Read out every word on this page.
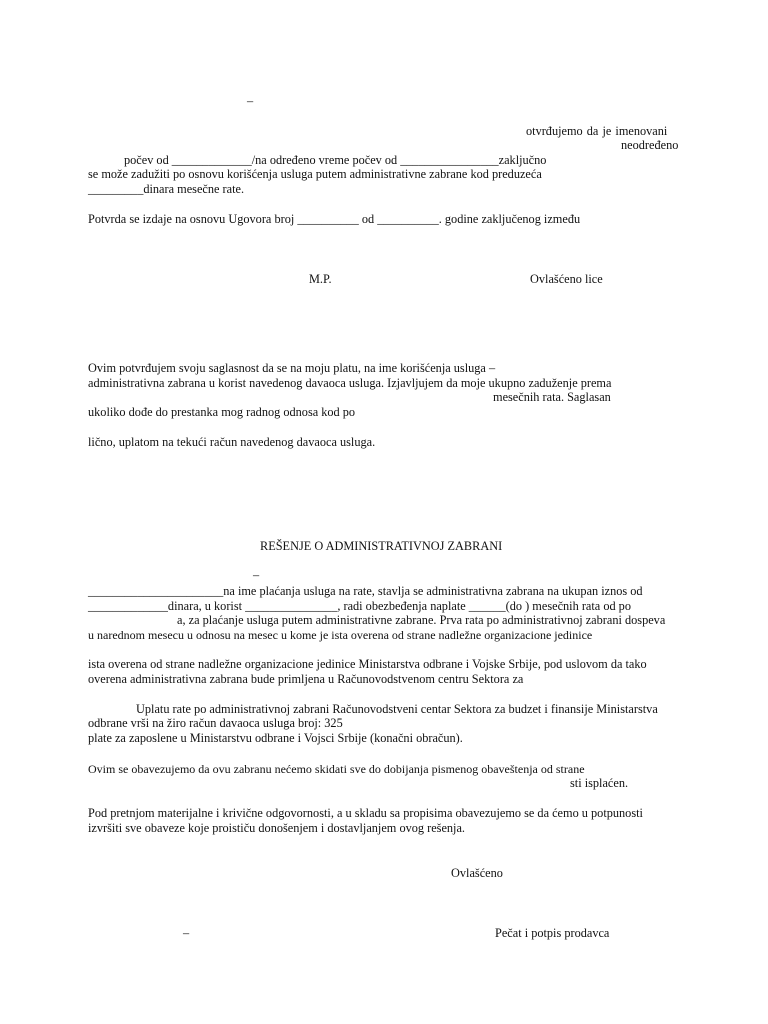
–

otvrđujemo da je imenovani

neodređeno

počev od _____________/na određeno vreme počev od ________________zaključno

se može zadužiti po osnovu korišćenja usluga putem administrativne zabrane kod preduzeća

_________dinara mesečne rate.

Potvrda se izdaje na osnovu Ugovora broj __________ od __________. godine zaključenog između

M.P.	Ovlašćeno lice

Ovim potvrđujem svoju saglasnost da se na moju platu, na ime korišćenja usluga –

administrativna zabrana u korist navedenog davaoca usluga. Izjavljujem da moje ukupno zaduženje prema

mesečnih rata. Saglasan

ukoliko dođe do prestanka mog radnog odnosa kod po

lično, uplatom na tekući račun navedenog davaoca usluga.

REŠENJE O ADMINISTRATIVNOJ ZABRANI

–

______________________na ime plaćanja usluga na rate, stavlja se administrativna zabrana na ukupan iznos od

_____________dinara, u korist _______________, radi obezbeđenja naplate ______(do ) mesečnih rata od po

a, za plaćanje usluga putem administrativne zabrane. Prva rata po administrativnoj zabrani dospeva

u narednom mesecu u odnosu na mesec u kome je ista overena od strane nadležne organizacione jedinice

ista overena od strane nadležne organizacione jedinice Ministarstva odbrane i Vojske Srbije, pod uslovom da tako

overena administrativna zabrana bude primljena u Računovodstvenom centru Sektora za

Uplatu rate po administrativnoj zabrani Računovodstveni centar Sektora za budzet i finansije Ministarstva

odbrane vrši na žiro račun davaoca usluga broj: 325

plate za zaposlene u Ministarstvu odbrane i Vojsci Srbije (konačni obračun).

Ovim se obavezujemo da ovu zabranu nećemo skidati sve do dobijanja pismenog obaveštenja od strane

sti isplaćen.

Pod pretnjom materijalne i krivične odgovornosti, a u skladu sa propisima obavezujemo se da ćemo u potpunosti

izvršiti sve obaveze koje proističu donošenjem i dostavljanjem ovog rešenja.

Ovlašćeno

–	Pečat i potpis prodavca
